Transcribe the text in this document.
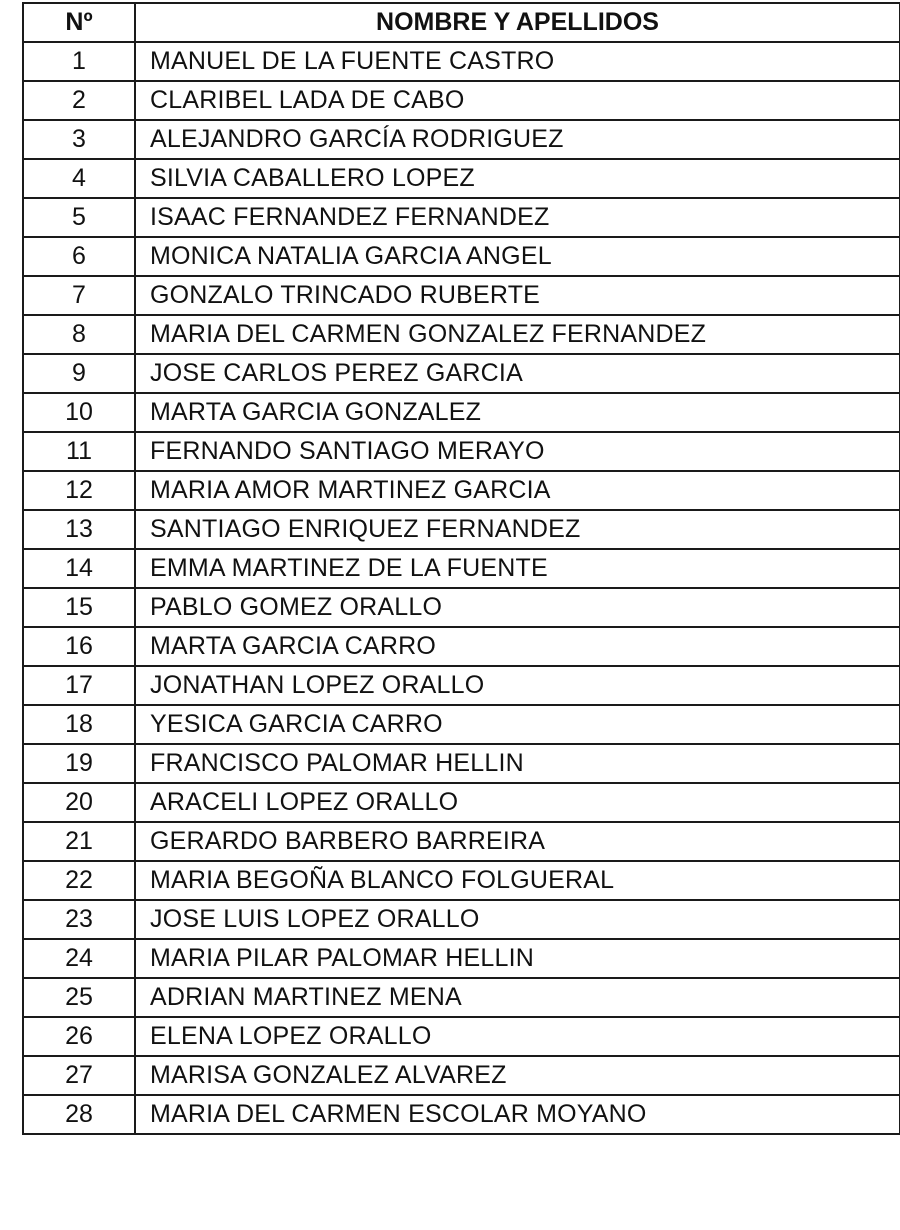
Nº	NOMBRE Y APELLIDOS
1	MANUEL DE LA FUENTE CASTRO
2	CLARIBEL LADA DE CABO
3	ALEJANDRO GARCÍA RODRIGUEZ
4	SILVIA CABALLERO LOPEZ
5	ISAAC FERNANDEZ FERNANDEZ
6	MONICA NATALIA GARCIA ANGEL
7	GONZALO TRINCADO RUBERTE
8	MARIA DEL CARMEN GONZALEZ FERNANDEZ
9	JOSE CARLOS PEREZ GARCIA
10	MARTA GARCIA GONZALEZ
11	FERNANDO SANTIAGO MERAYO
12	MARIA AMOR MARTINEZ GARCIA
13	SANTIAGO ENRIQUEZ FERNANDEZ
14	EMMA MARTINEZ DE LA FUENTE
15	PABLO GOMEZ ORALLO
16	MARTA GARCIA CARRO
17	JONATHAN LOPEZ ORALLO
18	YESICA GARCIA CARRO
19	FRANCISCO PALOMAR HELLIN
20	ARACELI LOPEZ ORALLO
21	GERARDO BARBERO BARREIRA
22	MARIA BEGOÑA BLANCO FOLGUERAL
23	JOSE LUIS LOPEZ ORALLO
24	MARIA PILAR PALOMAR HELLIN
25	ADRIAN MARTINEZ MENA
26	ELENA LOPEZ ORALLO
27	MARISA GONZALEZ ALVAREZ
28	MARIA DEL CARMEN ESCOLAR MOYANO
